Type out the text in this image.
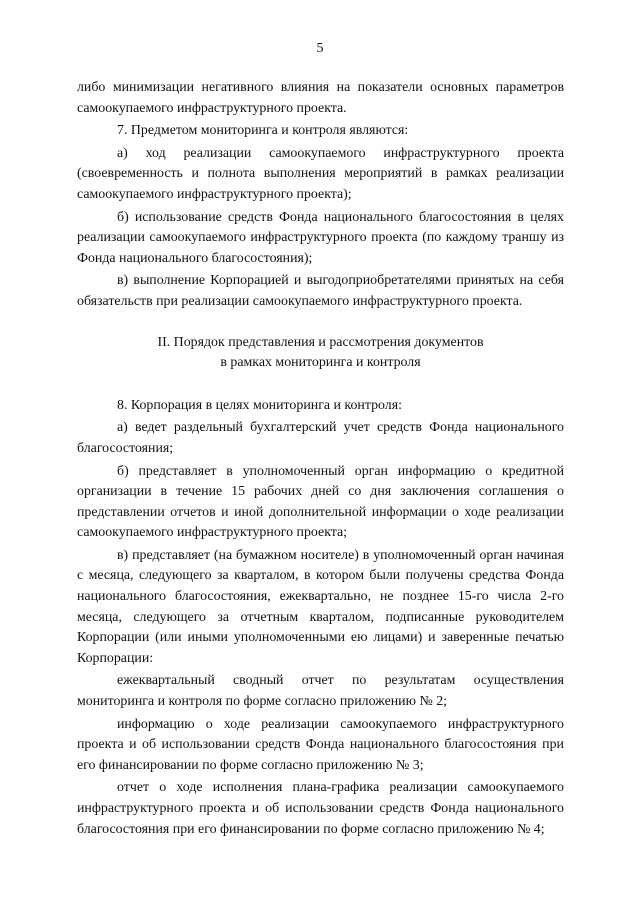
5

либо минимизации негативного влияния на показатели основных параметров самоокупаемого инфраструктурного проекта.

7. Предметом мониторинга и контроля являются:

а) ход реализации самоокупаемого инфраструктурного проекта (своевременность и полнота выполнения мероприятий в рамках реализации самоокупаемого инфраструктурного проекта);

б) использование средств Фонда национального благосостояния в целях реализации самоокупаемого инфраструктурного проекта (по каждому траншу из Фонда национального благосостояния);

в) выполнение Корпорацией и выгодоприобретателями принятых на себя обязательств при реализации самоокупаемого инфраструктурного проекта.

II. Порядок представления и рассмотрения документов
в рамках мониторинга и контроля

8. Корпорация в целях мониторинга и контроля:

а) ведет раздельный бухгалтерский учет средств Фонда национального благосостояния;

б) представляет в уполномоченный орган информацию о кредитной организации в течение 15 рабочих дней со дня заключения соглашения о представлении отчетов и иной дополнительной информации о ходе реализации самоокупаемого инфраструктурного проекта;

в) представляет (на бумажном носителе) в уполномоченный орган начиная с месяца, следующего за кварталом, в котором были получены средства Фонда национального благосостояния, ежеквартально, не позднее 15-го числа 2-го месяца, следующего за отчетным кварталом, подписанные руководителем Корпорации (или иными уполномоченными ею лицами) и заверенные печатью Корпорации:

ежеквартальный сводный отчет по результатам осуществления мониторинга и контроля по форме согласно приложению № 2;

информацию о ходе реализации самоокупаемого инфраструктурного проекта и об использовании средств Фонда национального благосостояния при его финансировании по форме согласно приложению № 3;

отчет о ходе исполнения плана-графика реализации самоокупаемого инфраструктурного проекта и об использовании средств Фонда национального благосостояния при его финансировании по форме согласно приложению № 4;
